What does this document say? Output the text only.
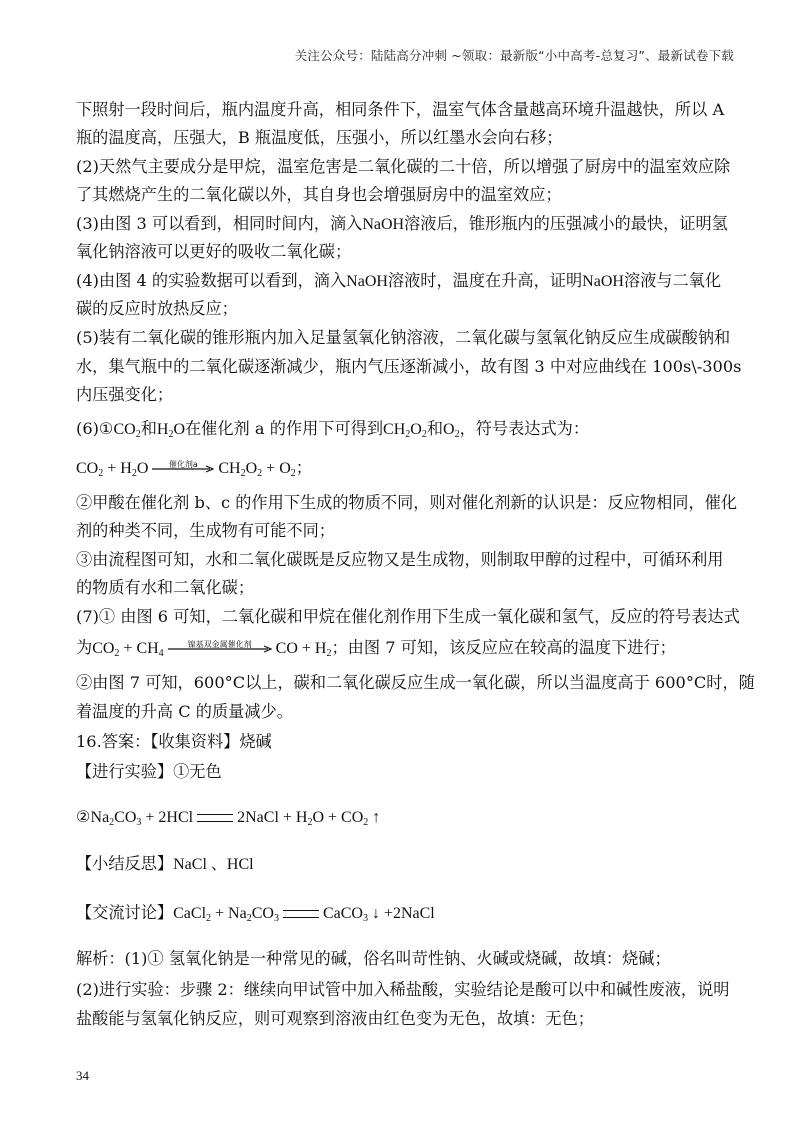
关注公众号：陆陆高分冲刺 ~领取：最新版“小中高考-总复习”、最新试卷下载
下照射一段时间后，瓶内温度升高，相同条件下，温室气体含量越高环境升温越快，所以 A
瓶的温度高，压强大，B 瓶温度低，压强小，所以红墨水会向右移；
(2)天然气主要成分是甲烷，温室危害是二氧化碳的二十倍，所以增强了厨房中的温室效应除
了其燃烧产生的二氧化碳以外，其自身也会增强厨房中的温室效应；
(3)由图 3 可以看到，相同时间内，滴入NaOH溶液后，锥形瓶内的压强减小的最快，证明氢
氧化钠溶液可以更好的吸收二氧化碳；
(4)由图 4 的实验数据可以看到，滴入NaOH溶液时，温度在升高，证明NaOH溶液与二氧化
碳的反应时放热反应；
(5)装有二氧化碳的锥形瓶内加入足量氢氧化钠溶液，二氧化碳与氢氧化钠反应生成碳酸钠和
水，集气瓶中的二氧化碳逐渐减少，瓶内气压逐渐减小，故有图 3 中对应曲线在 100s\-300s
内压强变化；
$(6)①CO_2$和$H_2O$在催化剂 a 的作用下可得到$CH_2O_2$和$O_2$，符号表达式为：
$CO_2 + H_2O$	催化剂a	$CH_2O_2 + O_2$；
②甲酸在催化剂 b、c 的作用下生成的物质不同，则对催化剂新的认识是：反应物相同，催化
剂的种类不同，生成物有可能不同；
③由流程图可知，水和二氧化碳既是反应物又是生成物，则制取甲醇的过程中，可循环利用
的物质有水和二氧化碳；
(7)① 由图 6 可知，二氧化碳和甲烷在催化剂作用下生成一氧化碳和氢气，反应的符号表达式
为$CO_2 + CH_4$
镍基双金属催化剂	CO + $H_2$；由图 7 可知，该反应应在较高的温度下进行；
②由图 7 可知，600°C以上，碳和二氧化碳反应生成一氧化碳，所以当温度高于 600°C时，随
着温度的升高 C 的质量减少。
16.答案：【收集资料】烧碱
【进行实验】①无色
$②Na_2CO_3 + 2HCl$	2NaCl + $H_2O + CO_2$ ↑
【小结反思】NaCl 、HCl
【交流讨论】CaCl$_2$ + $Na_2CO_3$	CaCO$_3$ ↓ +2NaCl
解析：(1)① 氢氧化钠是一种常见的碱，俗名叫苛性钠、火碱或烧碱，故填：烧碱；
(2)进行实验：步骤 2：继续向甲试管中加入稀盐酸，实验结论是酸可以中和碱性废液，说明
盐酸能与氢氧化钠反应，则可观察到溶液由红色变为无色，故填：无色；
34
